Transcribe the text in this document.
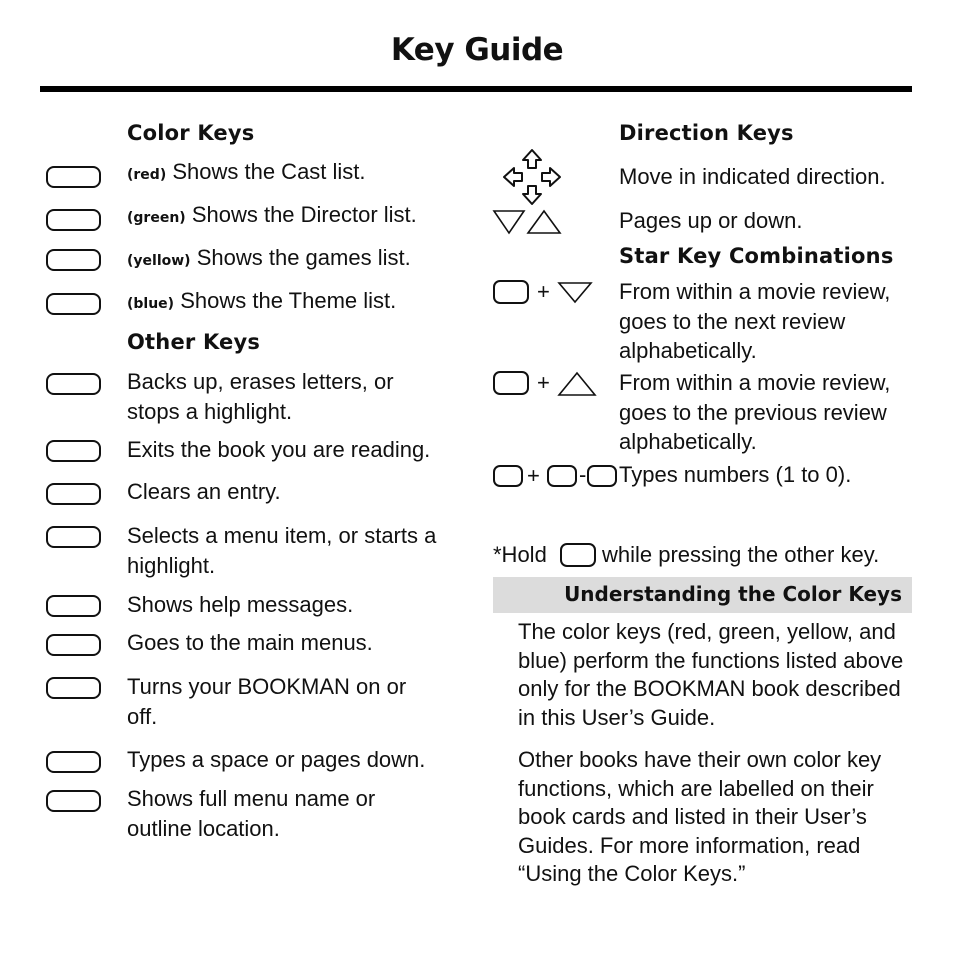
Key Guide
Color Keys
(red) Shows the Cast list.
(green) Shows the Director list.
(yellow) Shows the games list.
(blue) Shows the Theme list.
Other Keys
Backs up, erases letters, or stops a highlight.
Exits the book you are reading.
Clears an entry.
Selects a menu item, or starts a highlight.
Shows help messages.
Goes to the main menus.
Turns your BOOKMAN on or off.
Types a space or pages down.
Shows full menu name or outline location.
Direction Keys
Move in indicated direction.
Pages up or down.
Star Key Combinations
+	From within a movie review, goes to the next review alphabetically.
+	From within a movie review, goes to the previous review alphabetically.
+ - Types numbers (1 to 0).
*Hold	while pressing the other key.
Understanding the Color Keys
The color keys (red, green, yellow, and blue) perform the functions listed above only for the BOOKMAN book described in this User’s Guide.
Other books have their own color key functions, which are labelled on their book cards and listed in their User’s Guides. For more information, read “Using the Color Keys.”
